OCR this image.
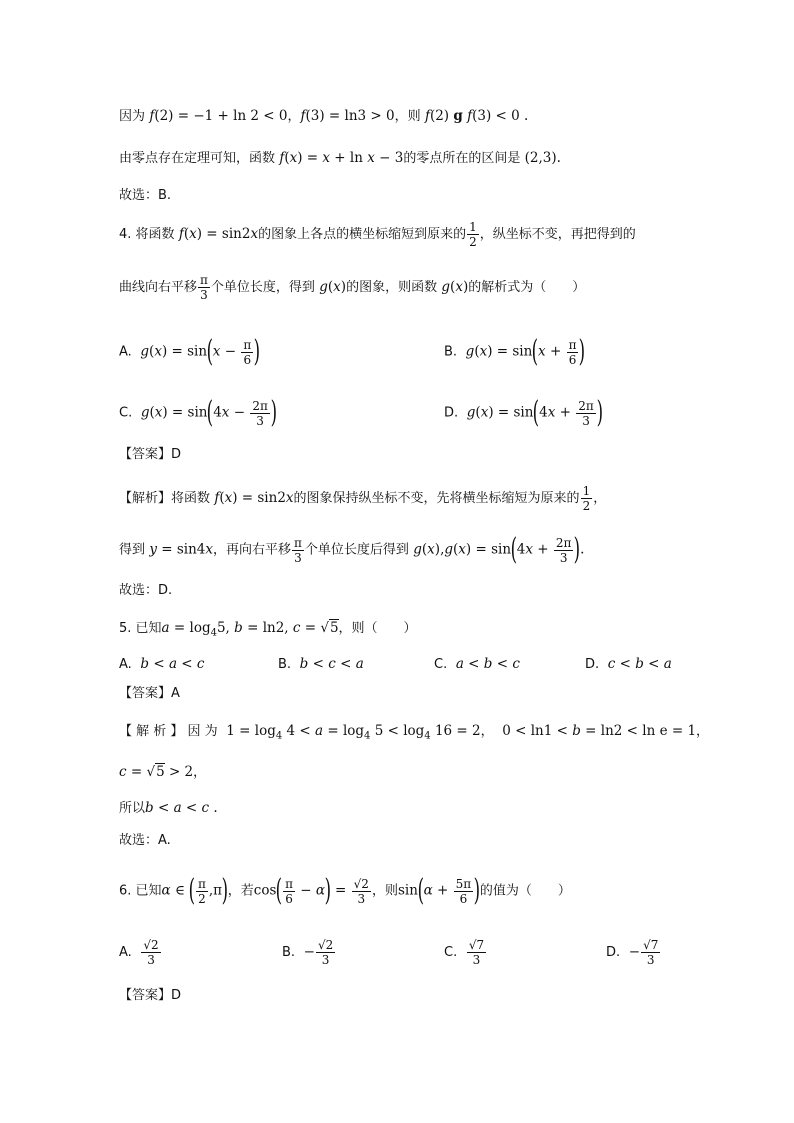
因为 f(2) = −1 + ln 2 < 0，f(3) = ln3 > 0，则 f(2) g f(3) < 0 .
由零点存在定理可知，函数 f(x) = x + ln x − 3的零点所在的区间是 (2,3).
故选：B.
4. 将函数 f(x) = sin2x的图象上各点的横坐标缩短到原来的 $\frac{1}{2}$ ，纵坐标不变，再把得到的
曲线向右平移 $\frac{\pi}{3}$ 个单位长度，得到 g(x)的图象，则函数 g(x)的解析式为（　　）
A. $g(x) = \sin(x - \frac{\pi}{6}$ )	B. $g(x) = \sin(x + \frac{\pi}{6}$ )
C. $g(x) = \sin(4x - \frac{2\pi}{3}$ )	D. $g(x) = \sin(4x + \frac{2\pi}{3}$ )
【答案】D
【解析】将函数 f(x) = sin2x的图象保持纵坐标不变，先将横坐标缩短为原来的 $\frac{1}{2}$ ，
得到 y = sin4x，再向右平移 $\frac{\pi}{3}$ 个单位长度后得到 $g(x),g(x) = \sin(4x + \frac{2\pi}{3}$ ).
故选：D.
5. 已知$a = \log_45$, b = ln2, c = √5，则（　　）
A. b < a < c	B. b < c < a	C. a < b < c	D. c < b < a
【答案】A
【 解 析 】 因 为 $1 = \log_4 4 < a = \log_4 5 < \log_4 16 = 2$， 0 < ln1 < b = ln2 < ln e = 1，
c = √5 > 2，
所以b < a < c .
故选：A.
6. 已知α ∈ ( $\frac{\pi}{2} ,\pi$)，若$\cos( \frac{\pi}{6} - \alpha) = \frac{√2}{3}$ ，则$\sin(\alpha + \frac{5\pi}{6}$ )的值为（　　）
A. $\frac{√2}{3}$	B. − $\frac{√2}{3}$	C. $\frac{√7}{3}$	D. − $\frac{√7}{3}$
【答案】D
